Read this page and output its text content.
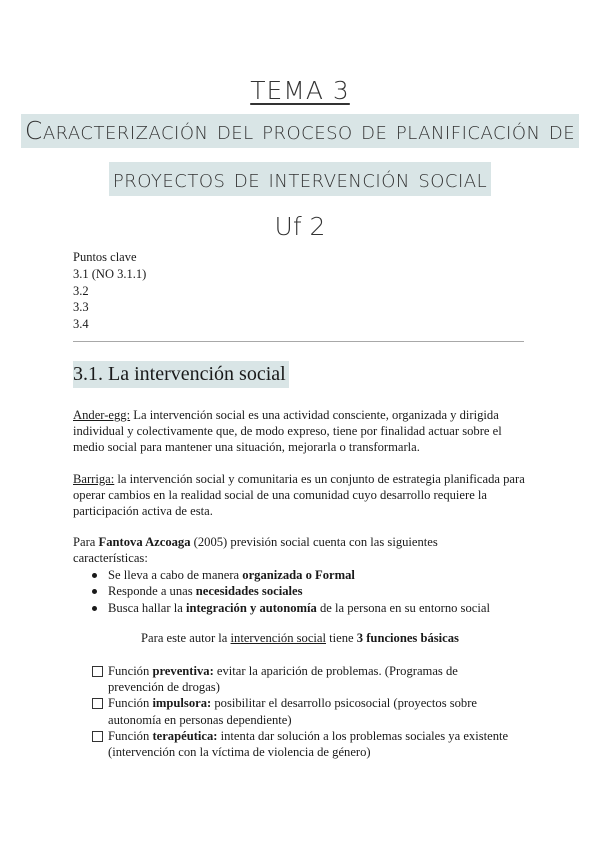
TEMA 3
Caracterización del proceso de planificación de
proyectos de intervención social
Uf 2
Puntos clave
3.1 (NO 3.1.1)
3.2
3.3
3.4
3.1. La intervención social
Ander-egg: La intervención social es una actividad consciente, organizada y dirigida individual y colectivamente que, de modo expreso, tiene por finalidad actuar sobre el medio social para mantener una situación, mejorarla o transformarla.
Barriga: la intervención social y comunitaria es un conjunto de estrategia planificada para operar cambios en la realidad social de una comunidad cuyo desarrollo requiere la participación activa de esta.
Para Fantova Azcoaga (2005) previsión social cuenta con las siguientes características:
Se lleva a cabo de manera organizada o Formal
Responde a unas necesidades sociales
Busca hallar la integración y autonomía de la persona en su entorno social
Para este autor la intervención social tiene 3 funciones básicas
Función preventiva: evitar la aparición de problemas. (Programas de prevención de drogas)
Función impulsora: posibilitar el desarrollo psicosocial (proyectos sobre autonomía en personas dependiente)
Función terapéutica: intenta dar solución a los problemas sociales ya existente (intervención con la víctima de violencia de género)
